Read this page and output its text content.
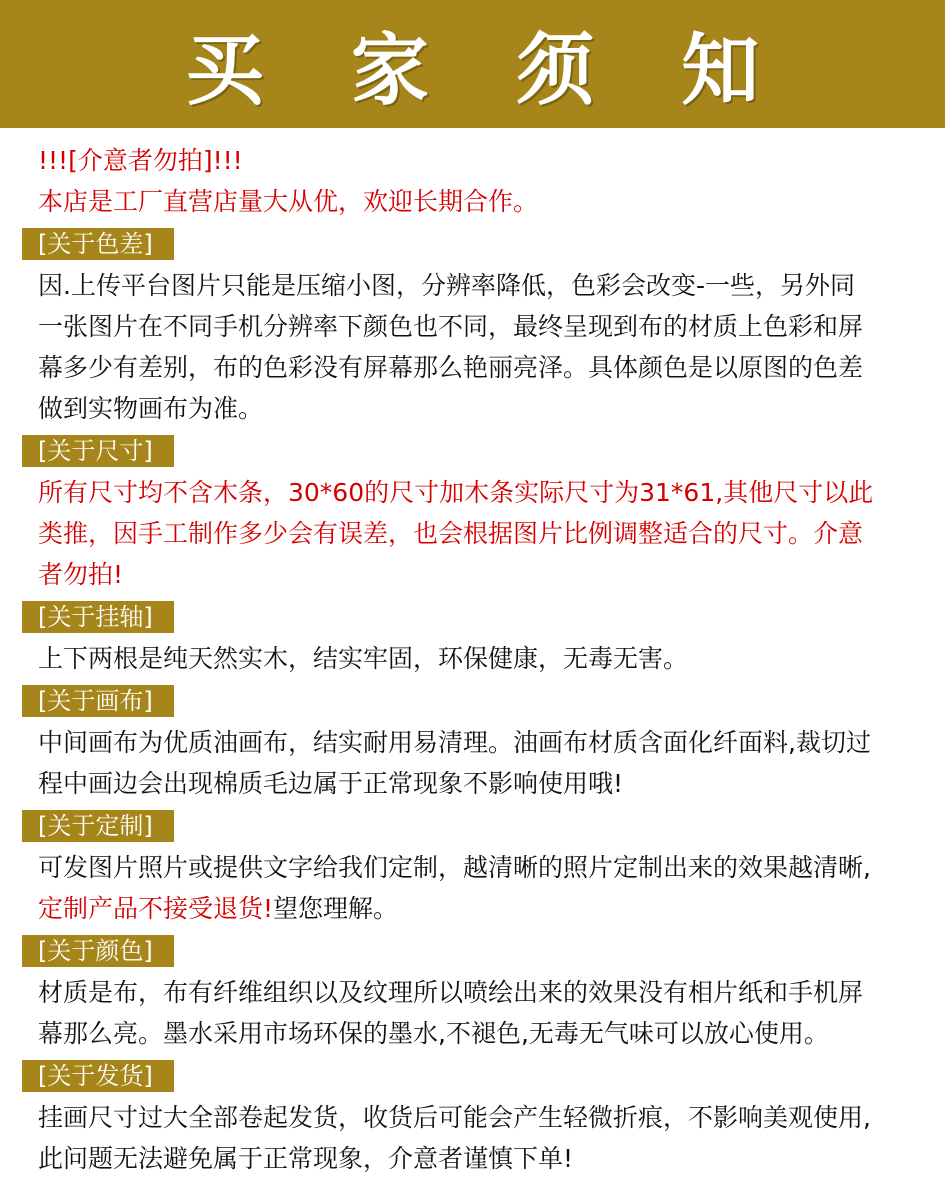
买 家 须 知

!!![介意者勿拍]!!!

本店是工厂直营店量大从优，欢迎长期合作。

[关于色差]

因.上传平台图片只能是压缩小图，分辨率降低，色彩会改变-一些，另外同

一张图片在不同手机分辨率下颜色也不同，最终呈现到布的材质上色彩和屏

幕多少有差别，布的色彩没有屏幕那么艳丽亮泽。具体颜色是以原图的色差

做到实物画布为准。

[关于尺寸]

所有尺寸均不含木条，30*60的尺寸加木条实际尺寸为31*61,其他尺寸以此

类推，因手工制作多少会有误差，也会根据图片比例调整适合的尺寸。介意

者勿拍!

[关于挂轴]

上下两根是纯天然实木，结实牢固，环保健康，无毒无害。

[关于画布]

中间画布为优质油画布，结实耐用易清理。油画布材质含面化纤面料,裁切过

程中画边会出现棉质毛边属于正常现象不影响使用哦!

[关于定制]

可发图片照片或提供文字给我们定制，越清晰的照片定制出来的效果越清晰,

定制产品不接受退货!望您理解。

[关于颜色]

材质是布，布有纤维组织以及纹理所以喷绘出来的效果没有相片纸和手机屏

幕那么亮。墨水采用市场环保的墨水,不褪色,无毒无气味可以放心使用。

[关于发货]

挂画尺寸过大全部卷起发货，收货后可能会产生轻微折痕，不影响美观使用,

此问题无法避免属于正常现象，介意者谨慎下单!
